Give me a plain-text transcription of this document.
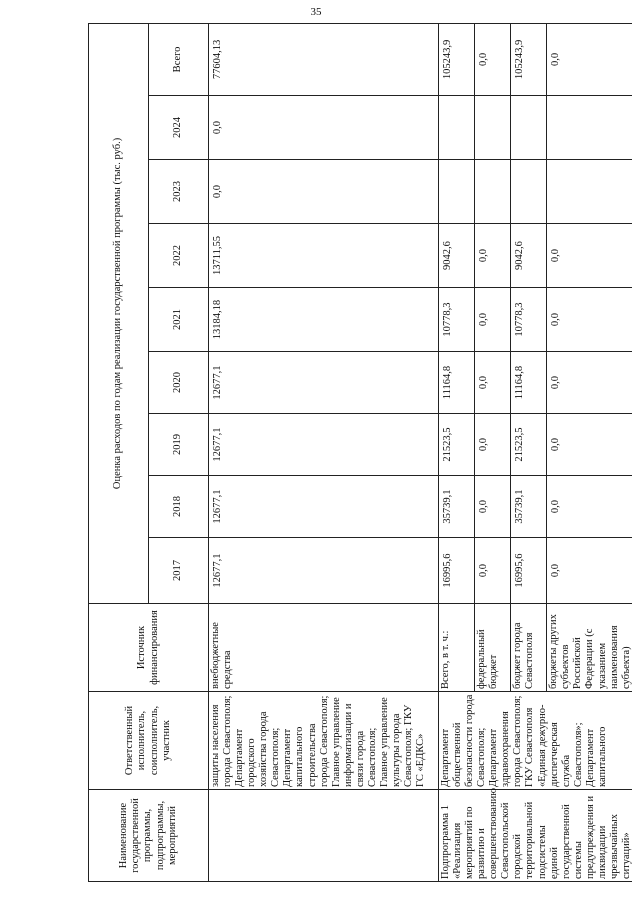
35
Наименование государственной программы, подпрограммы, мероприятий	Ответственный исполнитель, соисполнитель, участник	Источник финансирования	Оценка расходов по годам реализации государственной программы (тыс. руб.)								
			2017	2018	2019	2020	2021	2022	2023	2024	Всего
	защиты населения города Севастополя; Департамент городского хозяйства города Севастополя; Департамент капитального строительства города Севастополя; Главное управление информатизации и связи города Севастополя; Главное управление культуры города Севастополя; ГКУ ГС «ЕДКС»	внебюджетные средства	12677,1	12677,1	12677,1	12677,1	13184,18	13711,55	0,0	0,0	77604,13
Подпрограмма 1 «Реализация мероприятий по развитию и совершенствованию Севастопольской городской территориальной подсистемы единой государственной системы предупреждения и ликвидации чрезвычайных ситуаций»	Департамент общественной безопасности города Севастополя; Департамент здравоохранения города Севастополя; ГКУ Севастополя «Единая дежурно-диспетчерская служба Севастополя»; Департамент капитального	Всего, в т. ч.:	16995,6	35739,1	21523,5	11164,8	10778,3	9042,6			105243,9
		федеральный бюджет	0,0	0,0	0,0	0,0	0,0	0,0			0,0
		бюджет города Севастополя	16995,6	35739,1	21523,5	11164,8	10778,3	9042,6			105243,9
		бюджеты других субъектов Российской Федерации (с указанием наименования субъекта)	0,0	0,0	0,0	0,0	0,0	0,0			0,0
